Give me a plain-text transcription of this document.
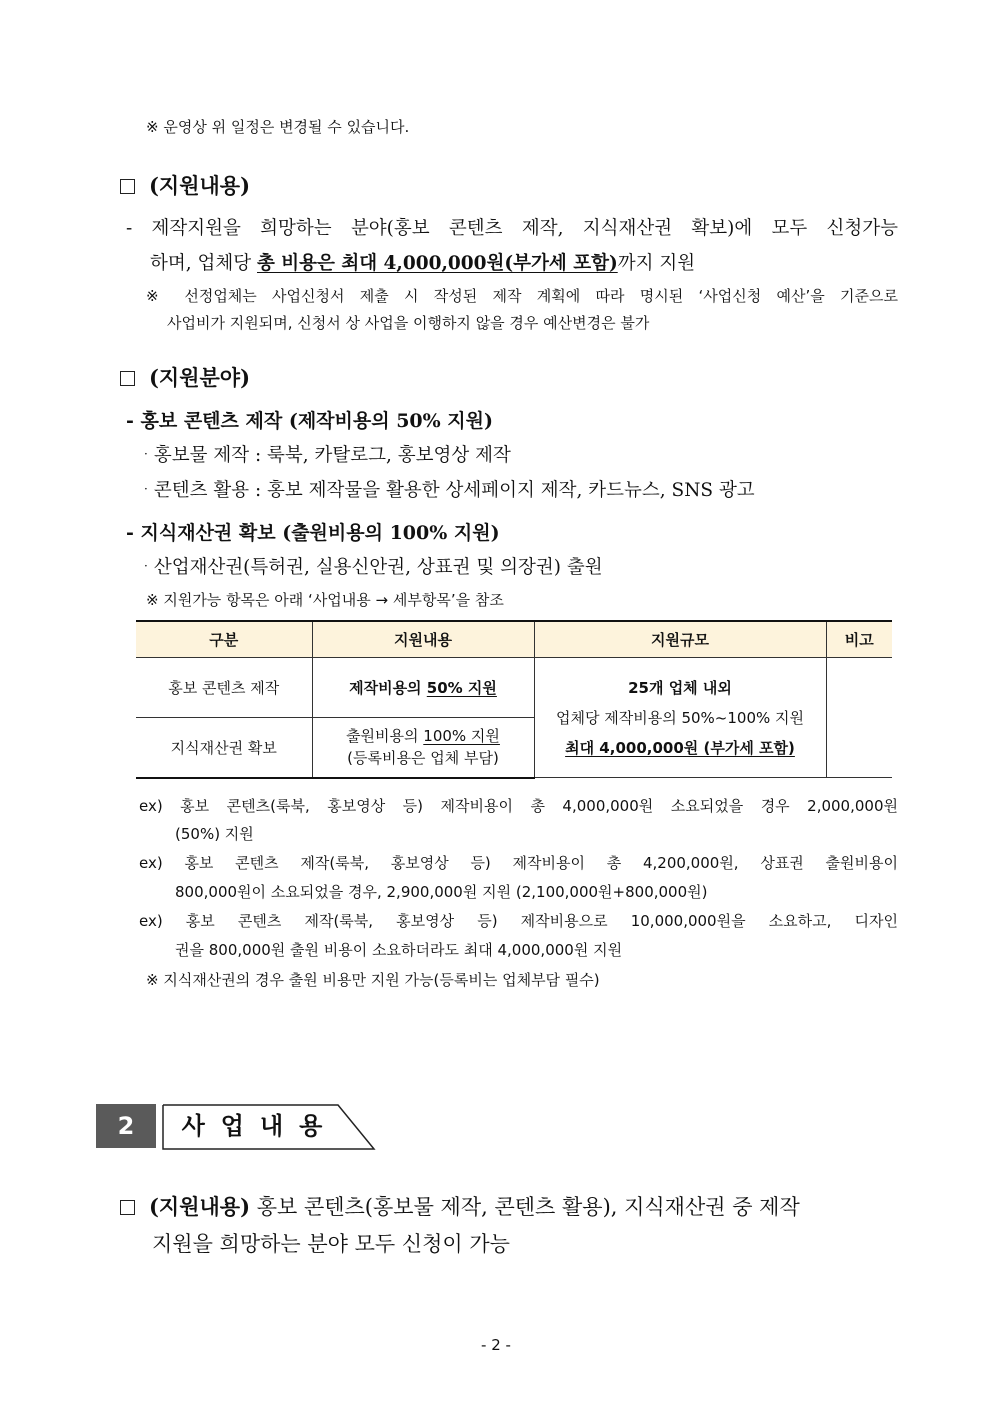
※ 운영상 위 일정은 변경될 수 있습니다.
(지원내용)
- 제작지원을 희망하는 분야(홍보 콘텐츠 제작, 지식재산권 확보)에 모두 신청가능
하며, 업체당 총 비용은 최대 4,000,000원(부가세 포함)까지 지원
※ 선정업체는 사업신청서 제출 시 작성된 제작 계획에 따라 명시된 ‘사업신청 예산’을 기준으로
사업비가 지원되며, 신청서 상 사업을 이행하지 않을 경우 예산변경은 불가
(지원분야)
- 홍보 콘텐츠 제작 (제작비용의 50% 지원)
· 홍보물 제작 : 룩북, 카탈로그, 홍보영상 제작
· 콘텐츠 활용 : 홍보 제작물을 활용한 상세페이지 제작, 카드뉴스, SNS 광고
- 지식재산권 확보 (출원비용의 100% 지원)
· 산업재산권(특허권, 실용신안권, 상표권 및 의장권) 출원
※ 지원가능 항목은 아래 ‘사업내용 → 세부항목’을 참조
구분	지원내용	지원규모	비고
홍보 콘텐츠 제작	제작비용의 50% 지원	25개 업체 내외
업체당 제작비용의 50%~100% 지원
최대 4,000,000원 (부가세 포함)	

지식재산권 확보	출원비용의 100% 지원
(등록비용은 업체 부담)		
ex) 홍보 콘텐츠(룩북, 홍보영상 등) 제작비용이 총 4,000,000원 소요되었을 경우 2,000,000원
(50%) 지원
ex) 홍보 콘텐츠 제작(룩북, 홍보영상 등) 제작비용이 총 4,200,000원, 상표권 출원비용이
800,000원이 소요되었을 경우, 2,900,000원 지원 (2,100,000원+800,000원)
ex) 홍보 콘텐츠 제작(룩북, 홍보영상 등) 제작비용으로 10,000,000원을 소요하고, 디자인
권을 800,000원 출원 비용이 소요하더라도 최대 4,000,000원 지원
※ 지식재산권의 경우 출원 비용만 지원 가능(등록비는 업체부담 필수)
2	사업내용
(지원내용) 홍보 콘텐츠(홍보물 제작, 콘텐츠 활용), 지식재산권 중 제작
지원을 희망하는 분야 모두 신청이 가능
- 2 -
